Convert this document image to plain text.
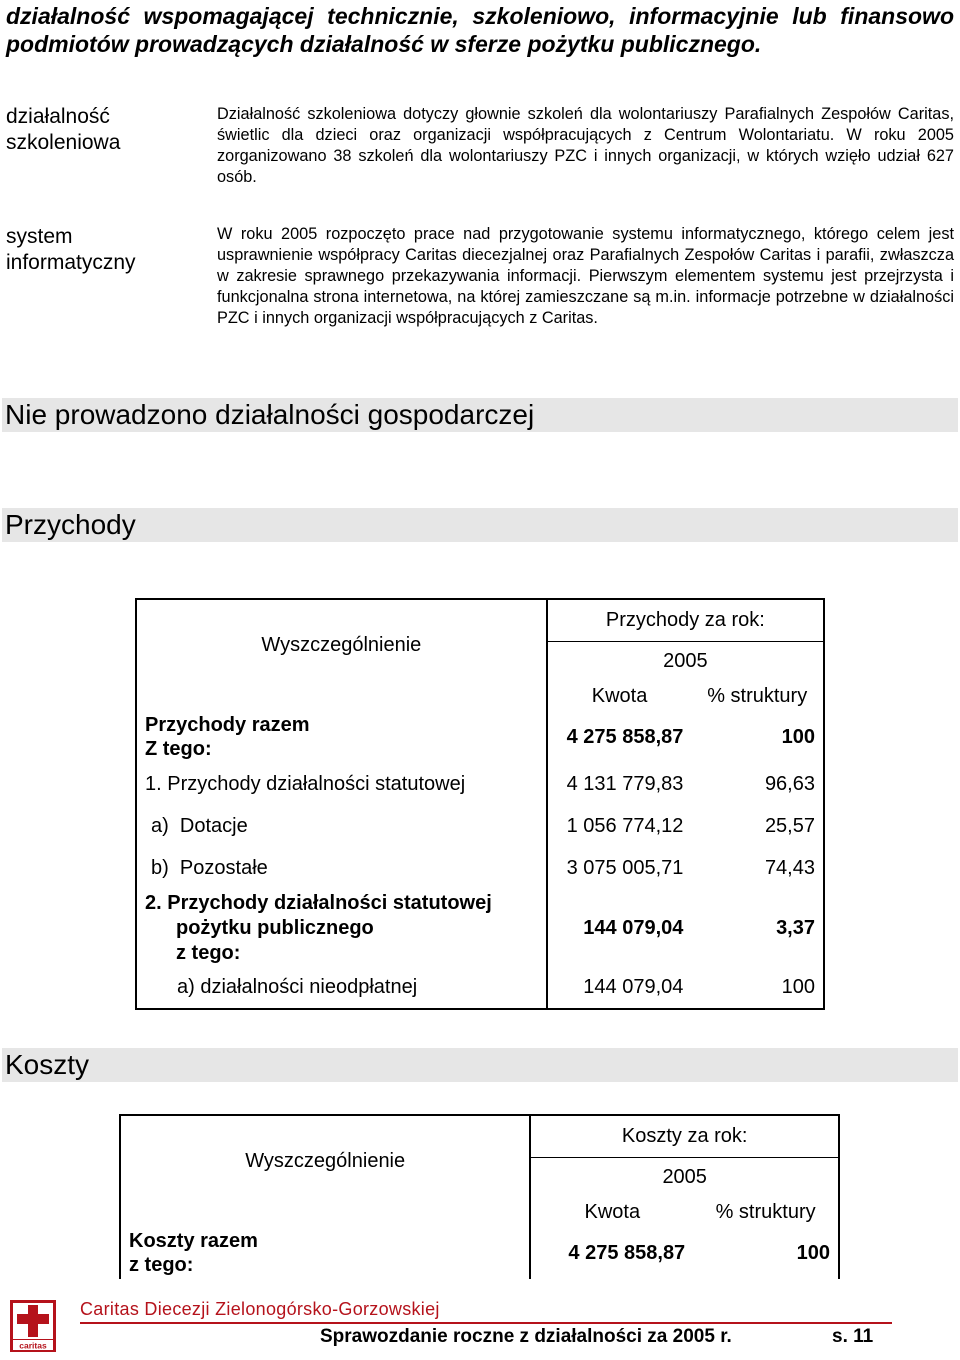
działalność wspomagającej technicznie, szkoleniowo, informacyjnie lub finansowo podmiotów prowadzących działalność w sferze pożytku publicznego.
działalność szkoleniowa
Działalność szkoleniowa dotyczy głownie szkoleń dla wolontariuszy Parafialnych Zespołów Caritas, świetlic dla dzieci oraz organizacji współpracujących z Centrum Wolontariatu. W roku 2005 zorganizowano 38 szkoleń dla wolontariuszy PZC i innych organizacji, w których wzięło udział 627 osób.
system informatyczny
W roku 2005 rozpoczęto prace nad przygotowanie systemu informatycznego, którego celem jest usprawnienie współpracy Caritas diecezjalnej oraz Parafialnych Zespołów Caritas i parafii, zwłaszcza w zakresie sprawnego przekazywania informacji. Pierwszym elementem systemu jest przejrzysta i funkcjonalna strona internetowa, na której zamieszczane są m.in. informacje potrzebne w działalności PZC i innych organizacji współpracujących z Caritas.
Nie prowadzono działalności gospodarczej
Przychody
Wyszczególnienie	Przychody za rok:	
	2005	
	Kwota	% struktury
Przychody razem
Z tego:	4 275 858,87	100
1. Przychody działalności statutowej	4 131 779,83	96,63
a) Dotacje	1 056 774,12	25,57
b) Pozostałe	3 075 005,71	74,43
2. Przychody działalności statutowej
pożytku publicznego
z tego:	144 079,04	3,37
a) działalności nieodpłatnej	144 079,04	100
Koszty
Wyszczególnienie	Koszty za rok:	
	2005	
	Kwota	% struktury
Koszty razem
z tego:	4 275 858,87	100
caritas
Caritas Diecezji Zielonogórsko-Gorzowskiej
Sprawozdanie roczne z działalności za 2005 r.	s. 11
